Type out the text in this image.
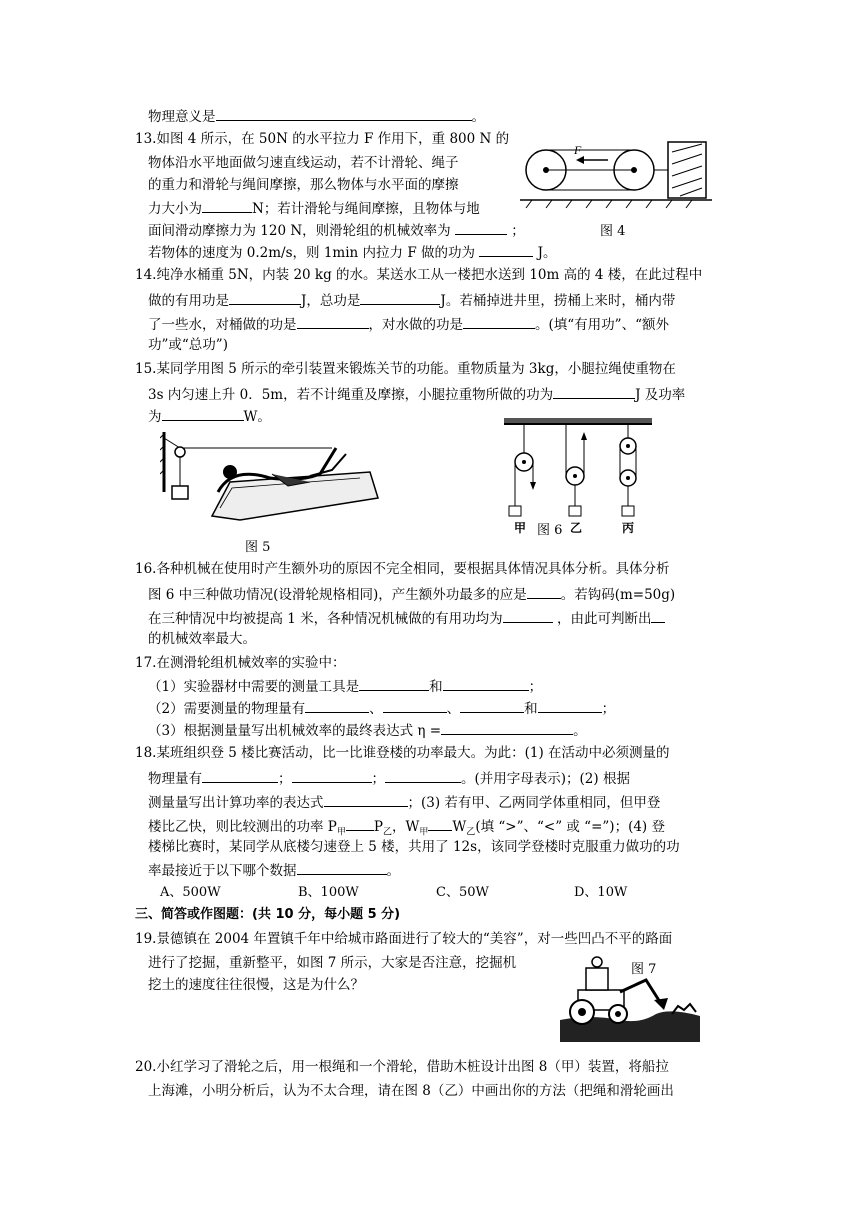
物理意义是	。
13.如图 4 所示，在 50N 的水平拉力 F 作用下，重 800 N 的
物体沿水平地面做匀速直线运动，若不计滑轮、绳子
的重力和滑轮与绳间摩擦，那么物体与水平面的摩擦
力大小为	N；若计滑轮与绳间摩擦，且物体与地
面间滑动摩擦力为 120 N，则滑轮组的机械效率为	；
若物体的速度为 0.2m/s，则 1min 内拉力 F 做的功为	J。
F
图 4
14.纯净水桶重 5N，内装 20 kg 的水。某送水工从一楼把水送到 10m 高的 4 楼，在此过程中
做的有用功是	J，总功是	J。若桶掉进井里，捞桶上来时，桶内带
了一些水，对桶做的功是	，对水做的功是	。(填“有用功”、“额外
功”或“总功”)
15.某同学用图 5 所示的牵引装置来锻炼关节的功能。重物质量为 3kg，小腿拉绳使重物在
3s 内匀速上升 0．5m，若不计绳重及摩擦，小腿拉重物所做的功为	J 及功率
为	W。
图 5
甲	乙	丙
图 6
16.各种机械在使用时产生额外功的原因不完全相同，要根据具体情况具体分析。具体分析
图 6 中三种做功情况(设滑轮规格相同)，产生额外功最多的应是	。若钩码(m=50g)
在三种情况中均被提高 1 米，各种情况机械做的有用功均为	，由此可判断出
的机械效率最大。
17.在测滑轮组机械效率的实验中：
（1）实验器材中需要的测量工具是	和	；
（2）需要测量的物理量有	、	、	和	；
（3）根据测量量写出机械效率的最终表达式 η =	。
18.某班组织登 5 楼比赛活动，比一比谁登楼的功率最大。为此：(1) 在活动中必须测量的
物理量有	；	；	。(并用字母表示)；(2) 根据
测量量写出计算功率的表达式	；(3) 若有甲、乙两同学体重相同，但甲登
楼比乙快，则比较测出的功率 $P_甲$ $P_乙$，$W_甲$ $W_乙$(填 “>”、“<” 或 “=”)；(4) 登
楼梯比赛时，某同学从底楼匀速登上 5 楼，共用了 12s，该同学登楼时克服重力做功的功
率最接近于以下哪个数据	。
A、500W	B、100W	C、50W	D、10W
三、简答或作图题：(共 10 分，每小题 5 分)
19.景德镇在 2004 年置镇千年中给城市路面进行了较大的“美容”，对一些凹凸不平的路面
进行了挖掘，重新整平，如图 7 所示，大家是否注意，挖掘机
挖土的速度往往很慢，这是为什么？
图 7
20.小红学习了滑轮之后，用一根绳和一个滑轮，借助木桩设计出图 8（甲）装置，将船拉
上海滩，小明分析后，认为不太合理，请在图 8（乙）中画出你的方法（把绳和滑轮画出
